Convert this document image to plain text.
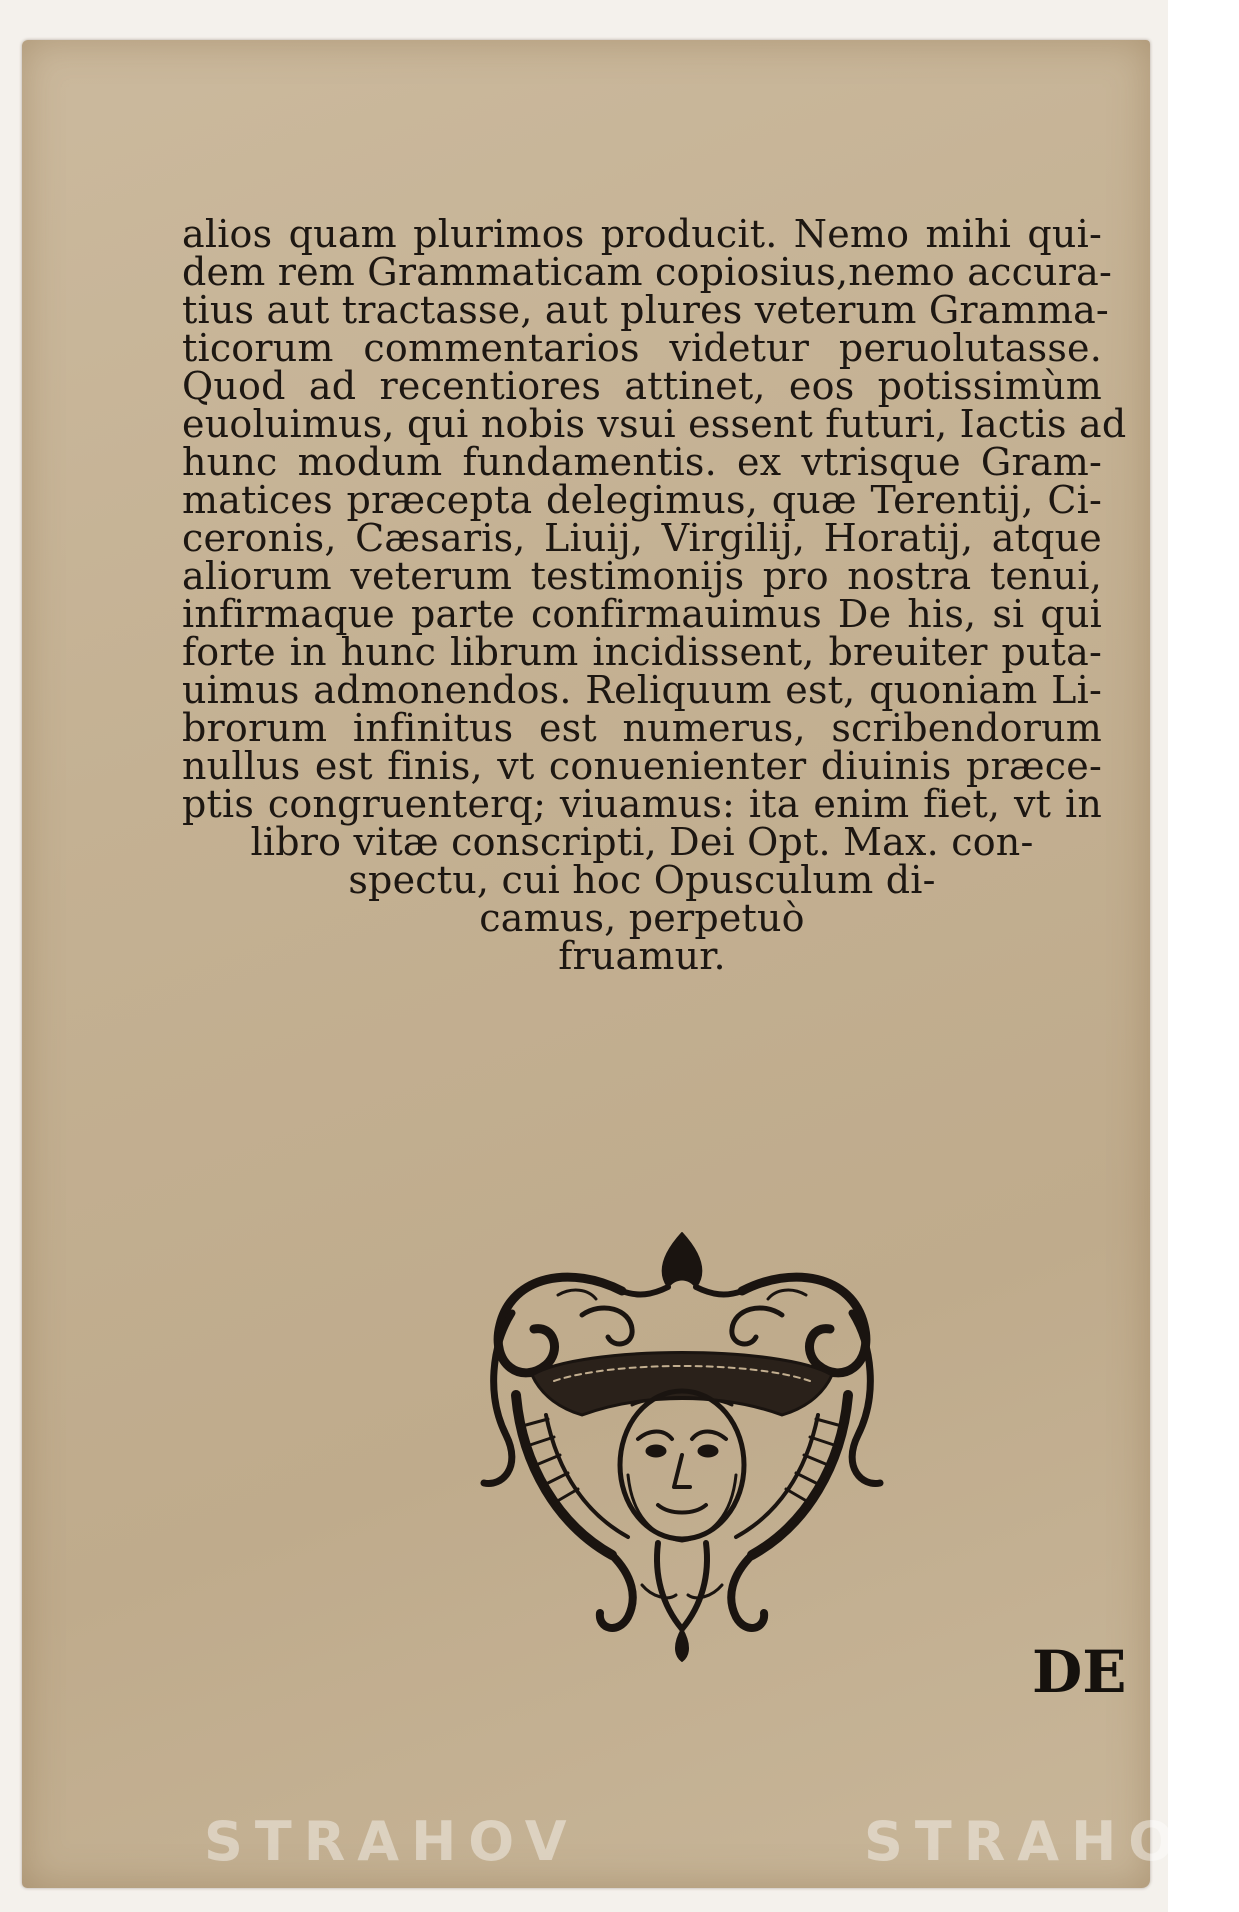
alios quam plurimos producit. Nemo mihi qui-
dem rem Grammaticam copiosius,nemo accura-
tius aut tractasse, aut plures veterum Gramma-
ticorum commentarios videtur peruolutasse.
Quod ad recentiores attinet, eos potissimùm
euoluimus, qui nobis vsui essent futuri, Iactis ad
hunc modum fundamentis. ex vtrisque Gram-
matices præcepta delegimus, quæ Terentij, Ci-
ceronis, Cæsaris, Liuij, Virgilij, Horatij, atque
aliorum veterum testimonijs pro nostra tenui,
infirmaque parte confirmauimus De his, si qui
forte in hunc librum incidissent, breuiter puta-
uimus admonendos. Reliquum est, quoniam Li-
brorum infinitus est numerus, scribendorum
nullus est finis, vt conuenienter diuinis præce-
ptis congruenterq; viuamus: ita enim fiet, vt in
libro vitæ conscripti, Dei Opt. Max. con-
spectu, cui hoc Opusculum di-
camus, perpetuò
fruamur.
DE
STRAHOV	STRAHOV
